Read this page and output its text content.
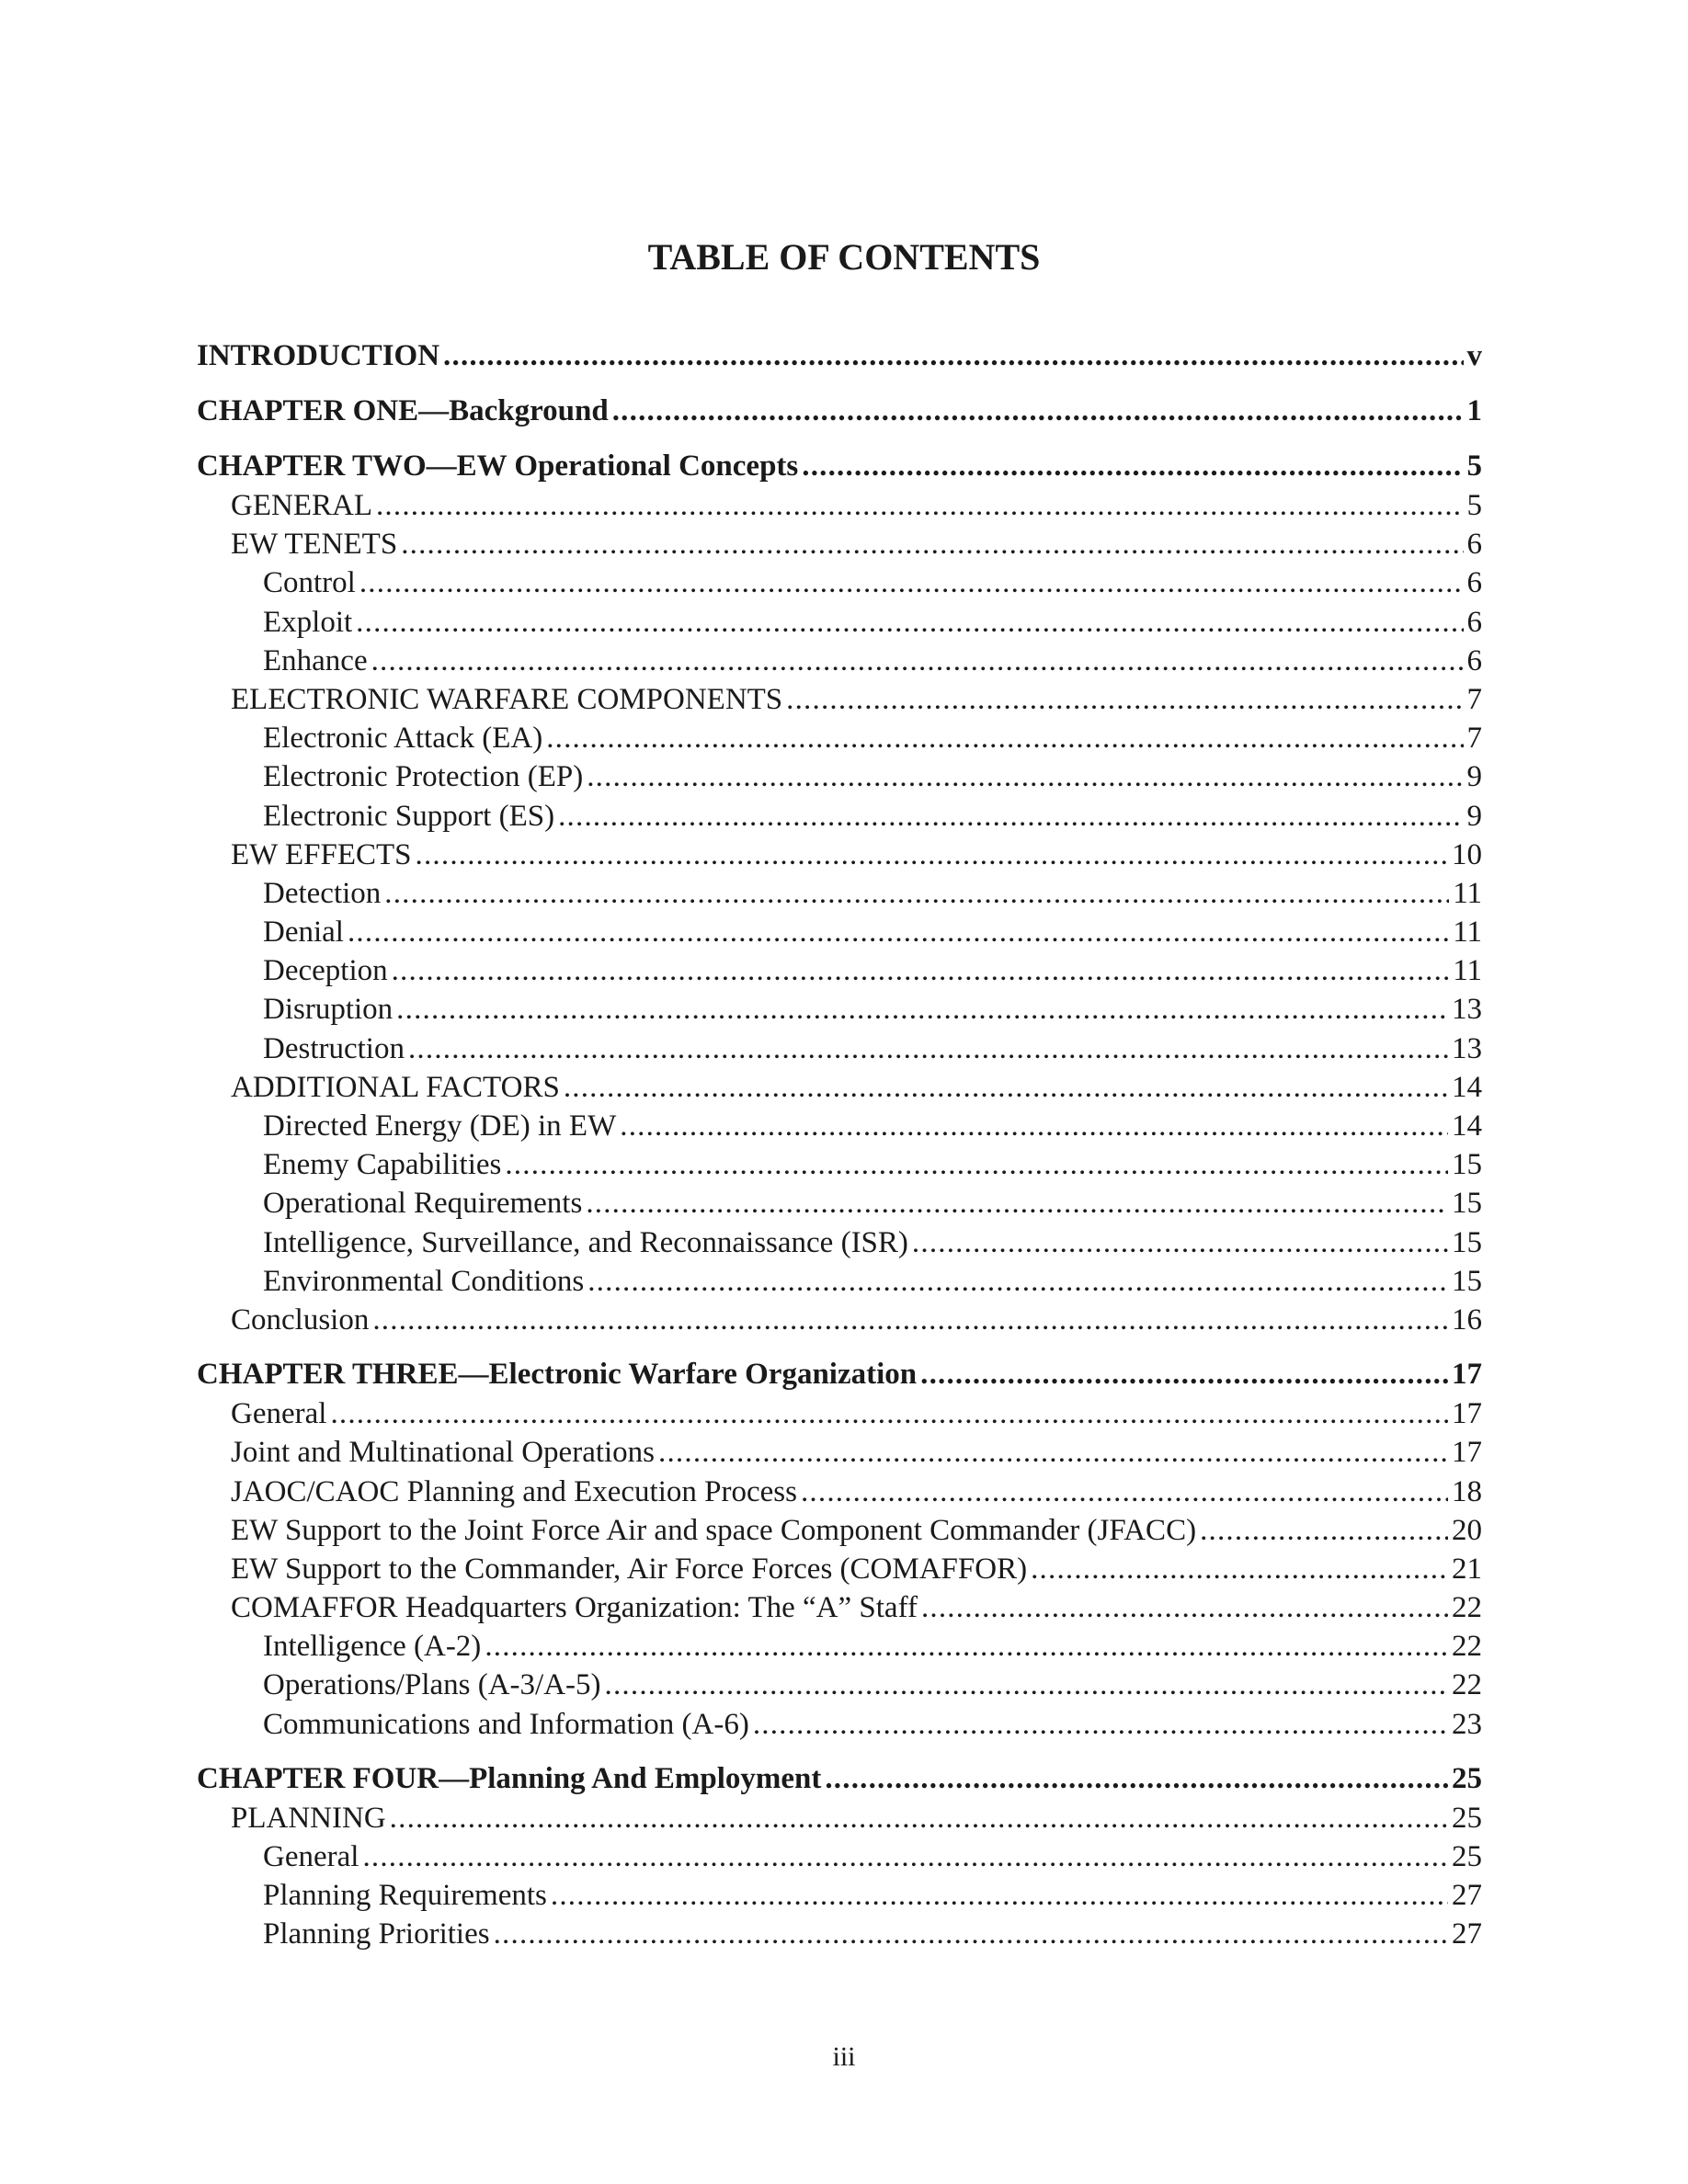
TABLE OF CONTENTS
INTRODUCTION .....	v
CHAPTER ONE—Background .....	1
CHAPTER TWO—EW Operational Concepts .....	5
GENERAL .....	5
EW TENETS .....	6
Control .....	6
Exploit .....	6
Enhance .....	6
ELECTRONIC WARFARE COMPONENTS .....	7
Electronic Attack (EA) .....	7
Electronic Protection (EP) .....	9
Electronic Support (ES) .....	9
EW EFFECTS .....	10
Detection .....	11
Denial .....	11
Deception .....	11
Disruption .....	13
Destruction .....	13
ADDITIONAL FACTORS .....	14
Directed Energy (DE) in EW .....	14
Enemy Capabilities .....	15
Operational Requirements .....	15
Intelligence, Surveillance, and Reconnaissance (ISR) .....	15
Environmental Conditions .....	15
Conclusion .....	16
CHAPTER THREE—Electronic Warfare Organization .....	17
General .....	17
Joint and Multinational Operations .....	17
JAOC/CAOC Planning and Execution Process .....	18
EW Support to the Joint Force Air and space Component Commander (JFACC) .....	20
EW Support to the Commander, Air Force Forces (COMAFFOR) .....	21
COMAFFOR Headquarters Organization: The “A” Staff .....	22
Intelligence (A-2) .....	22
Operations/Plans (A-3/A-5) .....	22
Communications and Information (A-6) .....	23
CHAPTER FOUR—Planning And Employment .....	25
PLANNING .....	25
General .....	25
Planning Requirements .....	27
Planning Priorities .....	27
iii
